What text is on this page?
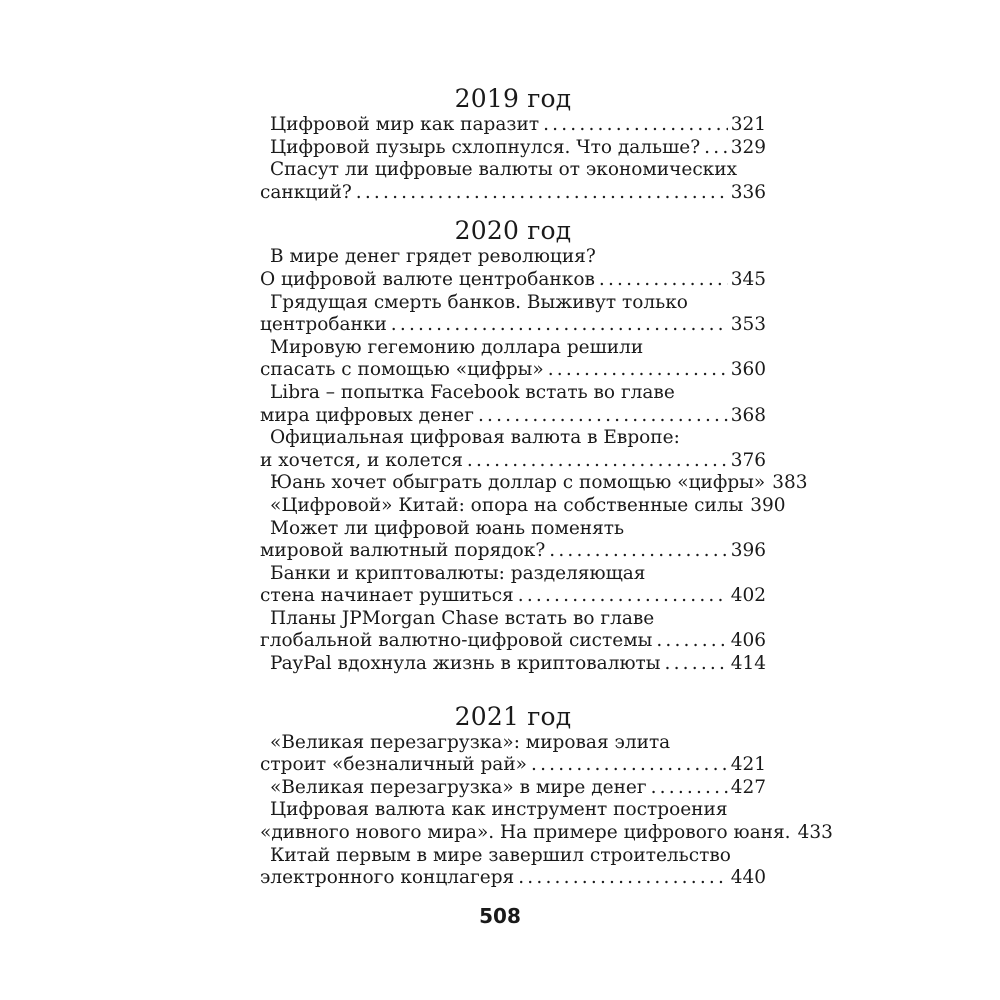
2019 год
Цифровой мир как паразит .....	321
Цифровой пузырь схлопнулся. Что дальше? ..... 329
Спасут ли цифровые валюты от экономических
санкций? .....	336
2020 год
В мире денег грядет революция?
О цифровой валюте центробанков .....	345
Грядущая смерть банков. Выживут только
центробанки .....	353
Мировую гегемонию доллара решили
спасать с помощью «цифры» .....	360
Libra – попытка Facebook встать во главе
мира цифровых денег .....	368
Официальная цифровая валюта в Европе:
и хочется, и колется .....	376
Юань хочет обыграть доллар с помощью «цифры» 383
«Цифровой» Китай: опора на собственные силы 390
Может ли цифровой юань поменять
мировой валютный порядок? .....	396
Банки и криптовалюты: разделяющая
стена начинает рушиться .....	402
Планы JPMorgan Chase встать во главе
глобальной валютно-цифровой системы .....	406
PayPal вдохнула жизнь в криптовалюты .....	414
2021 год
«Великая перезагрузка»: мировая элита
строит «безналичный рай» .....	421
«Великая перезагрузка» в мире денег .....	427
Цифровая валюта как инструмент построения
«дивного нового мира». На примере цифрового юаня. 433
Китай первым в мире завершил строительство
электронного концлагеря .....	440
508
